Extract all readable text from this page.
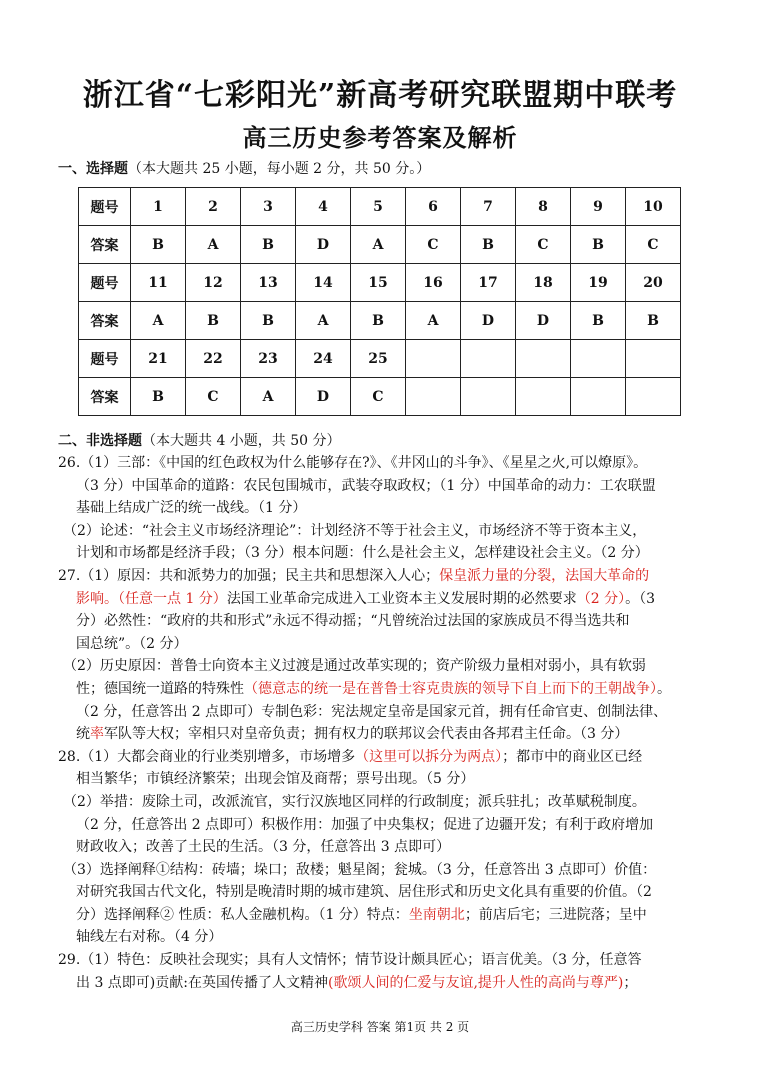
浙江省“七彩阳光”新高考研究联盟期中联考
高三历史参考答案及解析
一、选择题（本大题共 25 小题，每小题 2 分，共 50 分。）
题号	1	2	3	4	5	6	7	8	9	10
答案	B	A	B	D	A	C	B	C	B	C
题号	11	12	13	14	15	16	17	18	19	20
答案	A	B	B	A	B	A	D	D	B	B
题号	21	22	23	24	25					
答案	B	C	A	D	C					
二、非选择题（本大题共 4 小题，共 50 分）
26.（1）三部：《中国的红色政权为什么能够存在?》、《井冈山的斗争》、《星星之火,可以燎原》。
（3 分）中国革命的道路：农民包围城市，武装夺取政权；（1 分）中国革命的动力：工农联盟
基础上结成广泛的统一战线。（1 分）
（2）论述：“社会主义市场经济理论”：计划经济不等于社会主义，市场经济不等于资本主义，
计划和市场都是经济手段；（3 分）根本问题：什么是社会主义，怎样建设社会主义。（2 分）
27.（1）原因：共和派势力的加强；民主共和思想深入人心；保皇派力量的分裂，法国大革命的
影响。（任意一点 1 分）法国工业革命完成进入工业资本主义发展时期的必然要求（2 分）。（3
分）必然性：“政府的共和形式”永远不得动摇；“凡曾统治过法国的家族成员不得当选共和
国总统”。（2 分）
（2）历史原因：普鲁士向资本主义过渡是通过改革实现的；资产阶级力量相对弱小，具有软弱
性；德国统一道路的特殊性（德意志的统一是在普鲁士容克贵族的领导下自上而下的王朝战争）。
（2 分，任意答出 2 点即可）专制色彩：宪法规定皇帝是国家元首，拥有任命官吏、创制法律、
统率军队等大权；宰相只对皇帝负责；拥有权力的联邦议会代表由各邦君主任命。（3 分）
28.（1）大都会商业的行业类别增多，市场增多（这里可以拆分为两点）；都市中的商业区已经
相当繁华；市镇经济繁荣；出现会馆及商帮；票号出现。（5 分）
（2）举措：废除土司，改派流官，实行汉族地区同样的行政制度；派兵驻扎；改革赋税制度。
（2 分，任意答出 2 点即可）积极作用：加强了中央集权；促进了边疆开发；有利于政府增加
财政收入；改善了土民的生活。（3 分，任意答出 3 点即可）
（3）选择阐释①结构：砖墙；垛口；敌楼；魁星阁；瓮城。（3 分，任意答出 3 点即可）价值：
对研究我国古代文化，特别是晚清时期的城市建筑、居住形式和历史文化具有重要的价值。（2
分）选择阐释② 性质：私人金融机构。（1 分）特点：坐南朝北；前店后宅；三进院落；呈中
轴线左右对称。（4 分）
29.（1）特色：反映社会现实；具有人文情怀；情节设计颇具匠心；语言优美。（3 分，任意答
出 3 点即可)贡献:在英国传播了人文精神(歌颂人间的仁爱与友谊,提升人性的高尚与尊严)；
高三历史学科 答案 第1页 共 2 页
